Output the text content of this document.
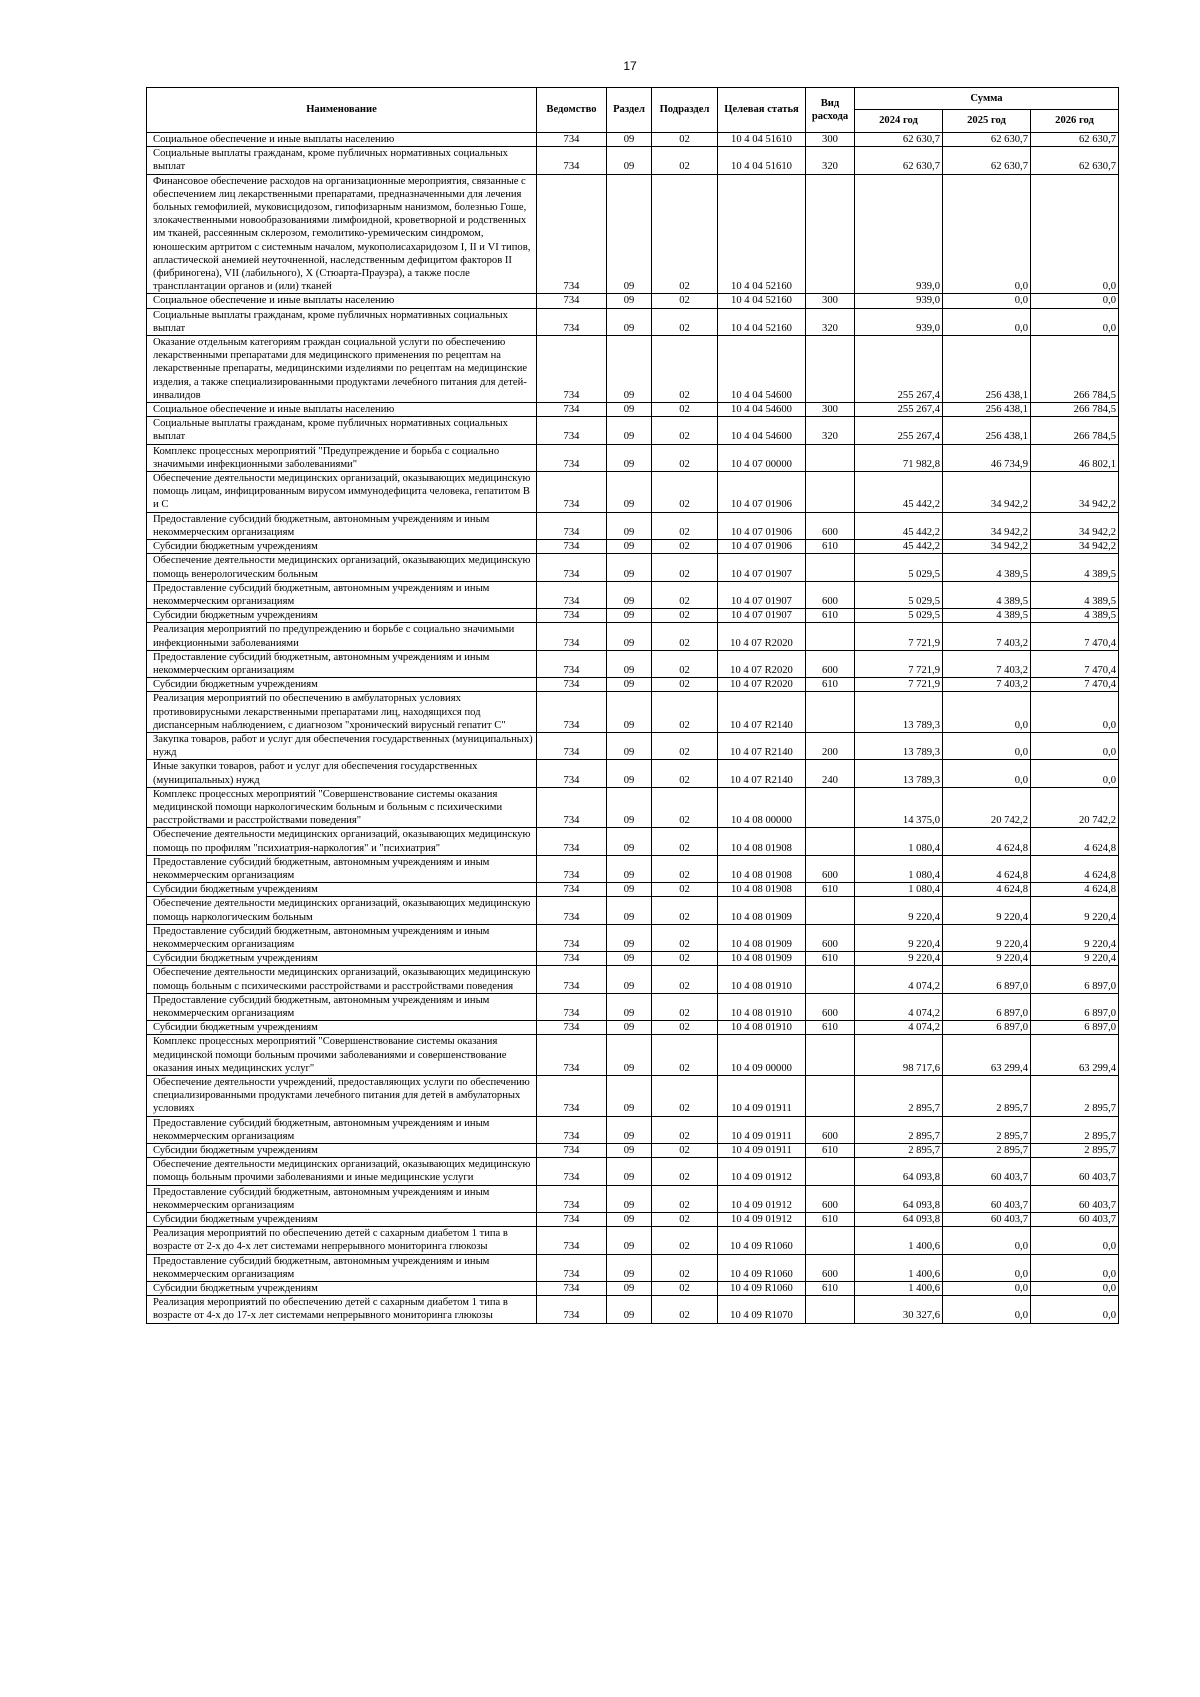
17
Наименование	Ведомство	Раздел	Подраздел	Целевая статья	Вид расхода	Сумма		
						2024 год	2025 год	2026 год
Социальное обеспечение и иные выплаты населению	734	09	02	10 4 04 51610	300	62 630,7	62 630,7	62 630,7
Социальные выплаты гражданам, кроме публичных нормативных социальных выплат	734	09	02	10 4 04 51610	320	62 630,7	62 630,7	62 630,7
Финансовое обеспечение расходов на организационные мероприятия, связанные с обеспечением лиц лекарственными препаратами, предназначенными для лечения больных гемофилией, муковисцидозом, гипофизарным нанизмом, болезнью Гоше, злокачественными новообразованиями лимфоидной, кроветворной и родственных им тканей, рассеянным склерозом, гемолитико-уремическим синдромом, юношеским артритом с системным началом, мукополисахаридозом I, II и VI типов, апластической анемией неуточненной, наследственным дефицитом факторов II (фибриногена), VII (лабильного), X (Стюарта-Прауэра), а также после трансплантации органов и (или) тканей	734	09	02	10 4 04 52160		939,0	0,0	0,0
Социальное обеспечение и иные выплаты населению	734	09	02	10 4 04 52160	300	939,0	0,0	0,0
Социальные выплаты гражданам, кроме публичных нормативных социальных выплат	734	09	02	10 4 04 52160	320	939,0	0,0	0,0
Оказание отдельным категориям граждан социальной услуги по обеспечению лекарственными препаратами для медицинского применения по рецептам на лекарственные препараты, медицинскими изделиями по рецептам на медицинские изделия, а также специализированными продуктами лечебного питания для детей-инвалидов	734	09	02	10 4 04 54600		255 267,4	256 438,1	266 784,5
Социальное обеспечение и иные выплаты населению	734	09	02	10 4 04 54600	300	255 267,4	256 438,1	266 784,5
Социальные выплаты гражданам, кроме публичных нормативных социальных выплат	734	09	02	10 4 04 54600	320	255 267,4	256 438,1	266 784,5
Комплекс процессных мероприятий "Предупреждение и борьба с социально значимыми инфекционными заболеваниями"	734	09	02	10 4 07 00000		71 982,8	46 734,9	46 802,1
Обеспечение деятельности медицинских организаций, оказывающих медицинскую помощь лицам, инфицированным вирусом иммунодефицита человека, гепатитом B и C	734	09	02	10 4 07 01906		45 442,2	34 942,2	34 942,2
Предоставление субсидий бюджетным, автономным учреждениям и иным некоммерческим организациям	734	09	02	10 4 07 01906	600	45 442,2	34 942,2	34 942,2
Субсидии бюджетным учреждениям	734	09	02	10 4 07 01906	610	45 442,2	34 942,2	34 942,2
Обеспечение деятельности медицинских организаций, оказывающих медицинскую помощь венерологическим больным	734	09	02	10 4 07 01907		5 029,5	4 389,5	4 389,5
Предоставление субсидий бюджетным, автономным учреждениям и иным некоммерческим организациям	734	09	02	10 4 07 01907	600	5 029,5	4 389,5	4 389,5
Субсидии бюджетным учреждениям	734	09	02	10 4 07 01907	610	5 029,5	4 389,5	4 389,5
Реализация мероприятий по предупреждению и борьбе с социально значимыми инфекционными заболеваниями	734	09	02	10 4 07 R2020		7 721,9	7 403,2	7 470,4
Предоставление субсидий бюджетным, автономным учреждениям и иным некоммерческим организациям	734	09	02	10 4 07 R2020	600	7 721,9	7 403,2	7 470,4
Субсидии бюджетным учреждениям	734	09	02	10 4 07 R2020	610	7 721,9	7 403,2	7 470,4
Реализация мероприятий по обеспечению в амбулаторных условиях противовирусными лекарственными препаратами лиц, находящихся под диспансерным наблюдением, с диагнозом "хронический вирусный гепатит C"	734	09	02	10 4 07 R2140		13 789,3	0,0	0,0
Закупка товаров, работ и услуг для обеспечения государственных (муниципальных) нужд	734	09	02	10 4 07 R2140	200	13 789,3	0,0	0,0
Иные закупки товаров, работ и услуг для обеспечения государственных (муниципальных) нужд	734	09	02	10 4 07 R2140	240	13 789,3	0,0	0,0
Комплекс процессных мероприятий "Совершенствование системы оказания медицинской помощи наркологическим больным и больным с психическими расстройствами и расстройствами поведения"	734	09	02	10 4 08 00000		14 375,0	20 742,2	20 742,2
Обеспечение деятельности медицинских организаций, оказывающих медицинскую помощь по профилям "психиатрия-наркология" и "психиатрия"	734	09	02	10 4 08 01908		1 080,4	4 624,8	4 624,8
Предоставление субсидий бюджетным, автономным учреждениям и иным некоммерческим организациям	734	09	02	10 4 08 01908	600	1 080,4	4 624,8	4 624,8
Субсидии бюджетным учреждениям	734	09	02	10 4 08 01908	610	1 080,4	4 624,8	4 624,8
Обеспечение деятельности медицинских организаций, оказывающих медицинскую помощь наркологическим больным	734	09	02	10 4 08 01909		9 220,4	9 220,4	9 220,4
Предоставление субсидий бюджетным, автономным учреждениям и иным некоммерческим организациям	734	09	02	10 4 08 01909	600	9 220,4	9 220,4	9 220,4
Субсидии бюджетным учреждениям	734	09	02	10 4 08 01909	610	9 220,4	9 220,4	9 220,4
Обеспечение деятельности медицинских организаций, оказывающих медицинскую помощь больным с психическими расстройствами и расстройствами поведения	734	09	02	10 4 08 01910		4 074,2	6 897,0	6 897,0
Предоставление субсидий бюджетным, автономным учреждениям и иным некоммерческим организациям	734	09	02	10 4 08 01910	600	4 074,2	6 897,0	6 897,0
Субсидии бюджетным учреждениям	734	09	02	10 4 08 01910	610	4 074,2	6 897,0	6 897,0
Комплекс процессных мероприятий "Совершенствование системы оказания медицинской помощи больным прочими заболеваниями и совершенствование оказания иных медицинских услуг"	734	09	02	10 4 09 00000		98 717,6	63 299,4	63 299,4
Обеспечение деятельности учреждений, предоставляющих услуги по обеспечению специализированными продуктами лечебного питания для детей в амбулаторных условиях	734	09	02	10 4 09 01911		2 895,7	2 895,7	2 895,7
Предоставление субсидий бюджетным, автономным учреждениям и иным некоммерческим организациям	734	09	02	10 4 09 01911	600	2 895,7	2 895,7	2 895,7
Субсидии бюджетным учреждениям	734	09	02	10 4 09 01911	610	2 895,7	2 895,7	2 895,7
Обеспечение деятельности медицинских организаций, оказывающих медицинскую помощь больным прочими заболеваниями и иные медицинские услуги	734	09	02	10 4 09 01912		64 093,8	60 403,7	60 403,7
Предоставление субсидий бюджетным, автономным учреждениям и иным некоммерческим организациям	734	09	02	10 4 09 01912	600	64 093,8	60 403,7	60 403,7
Субсидии бюджетным учреждениям	734	09	02	10 4 09 01912	610	64 093,8	60 403,7	60 403,7
Реализация мероприятий по обеспечению детей с сахарным диабетом 1 типа в возрасте от 2-х до 4-х лет системами непрерывного мониторинга глюкозы	734	09	02	10 4 09 R1060		1 400,6	0,0	0,0
Предоставление субсидий бюджетным, автономным учреждениям и иным некоммерческим организациям	734	09	02	10 4 09 R1060	600	1 400,6	0,0	0,0
Субсидии бюджетным учреждениям	734	09	02	10 4 09 R1060	610	1 400,6	0,0	0,0
Реализация мероприятий по обеспечению детей с сахарным диабетом 1 типа в возрасте от 4-х до 17-х лет системами непрерывного мониторинга глюкозы	734	09	02	10 4 09 R1070		30 327,6	0,0	0,0
